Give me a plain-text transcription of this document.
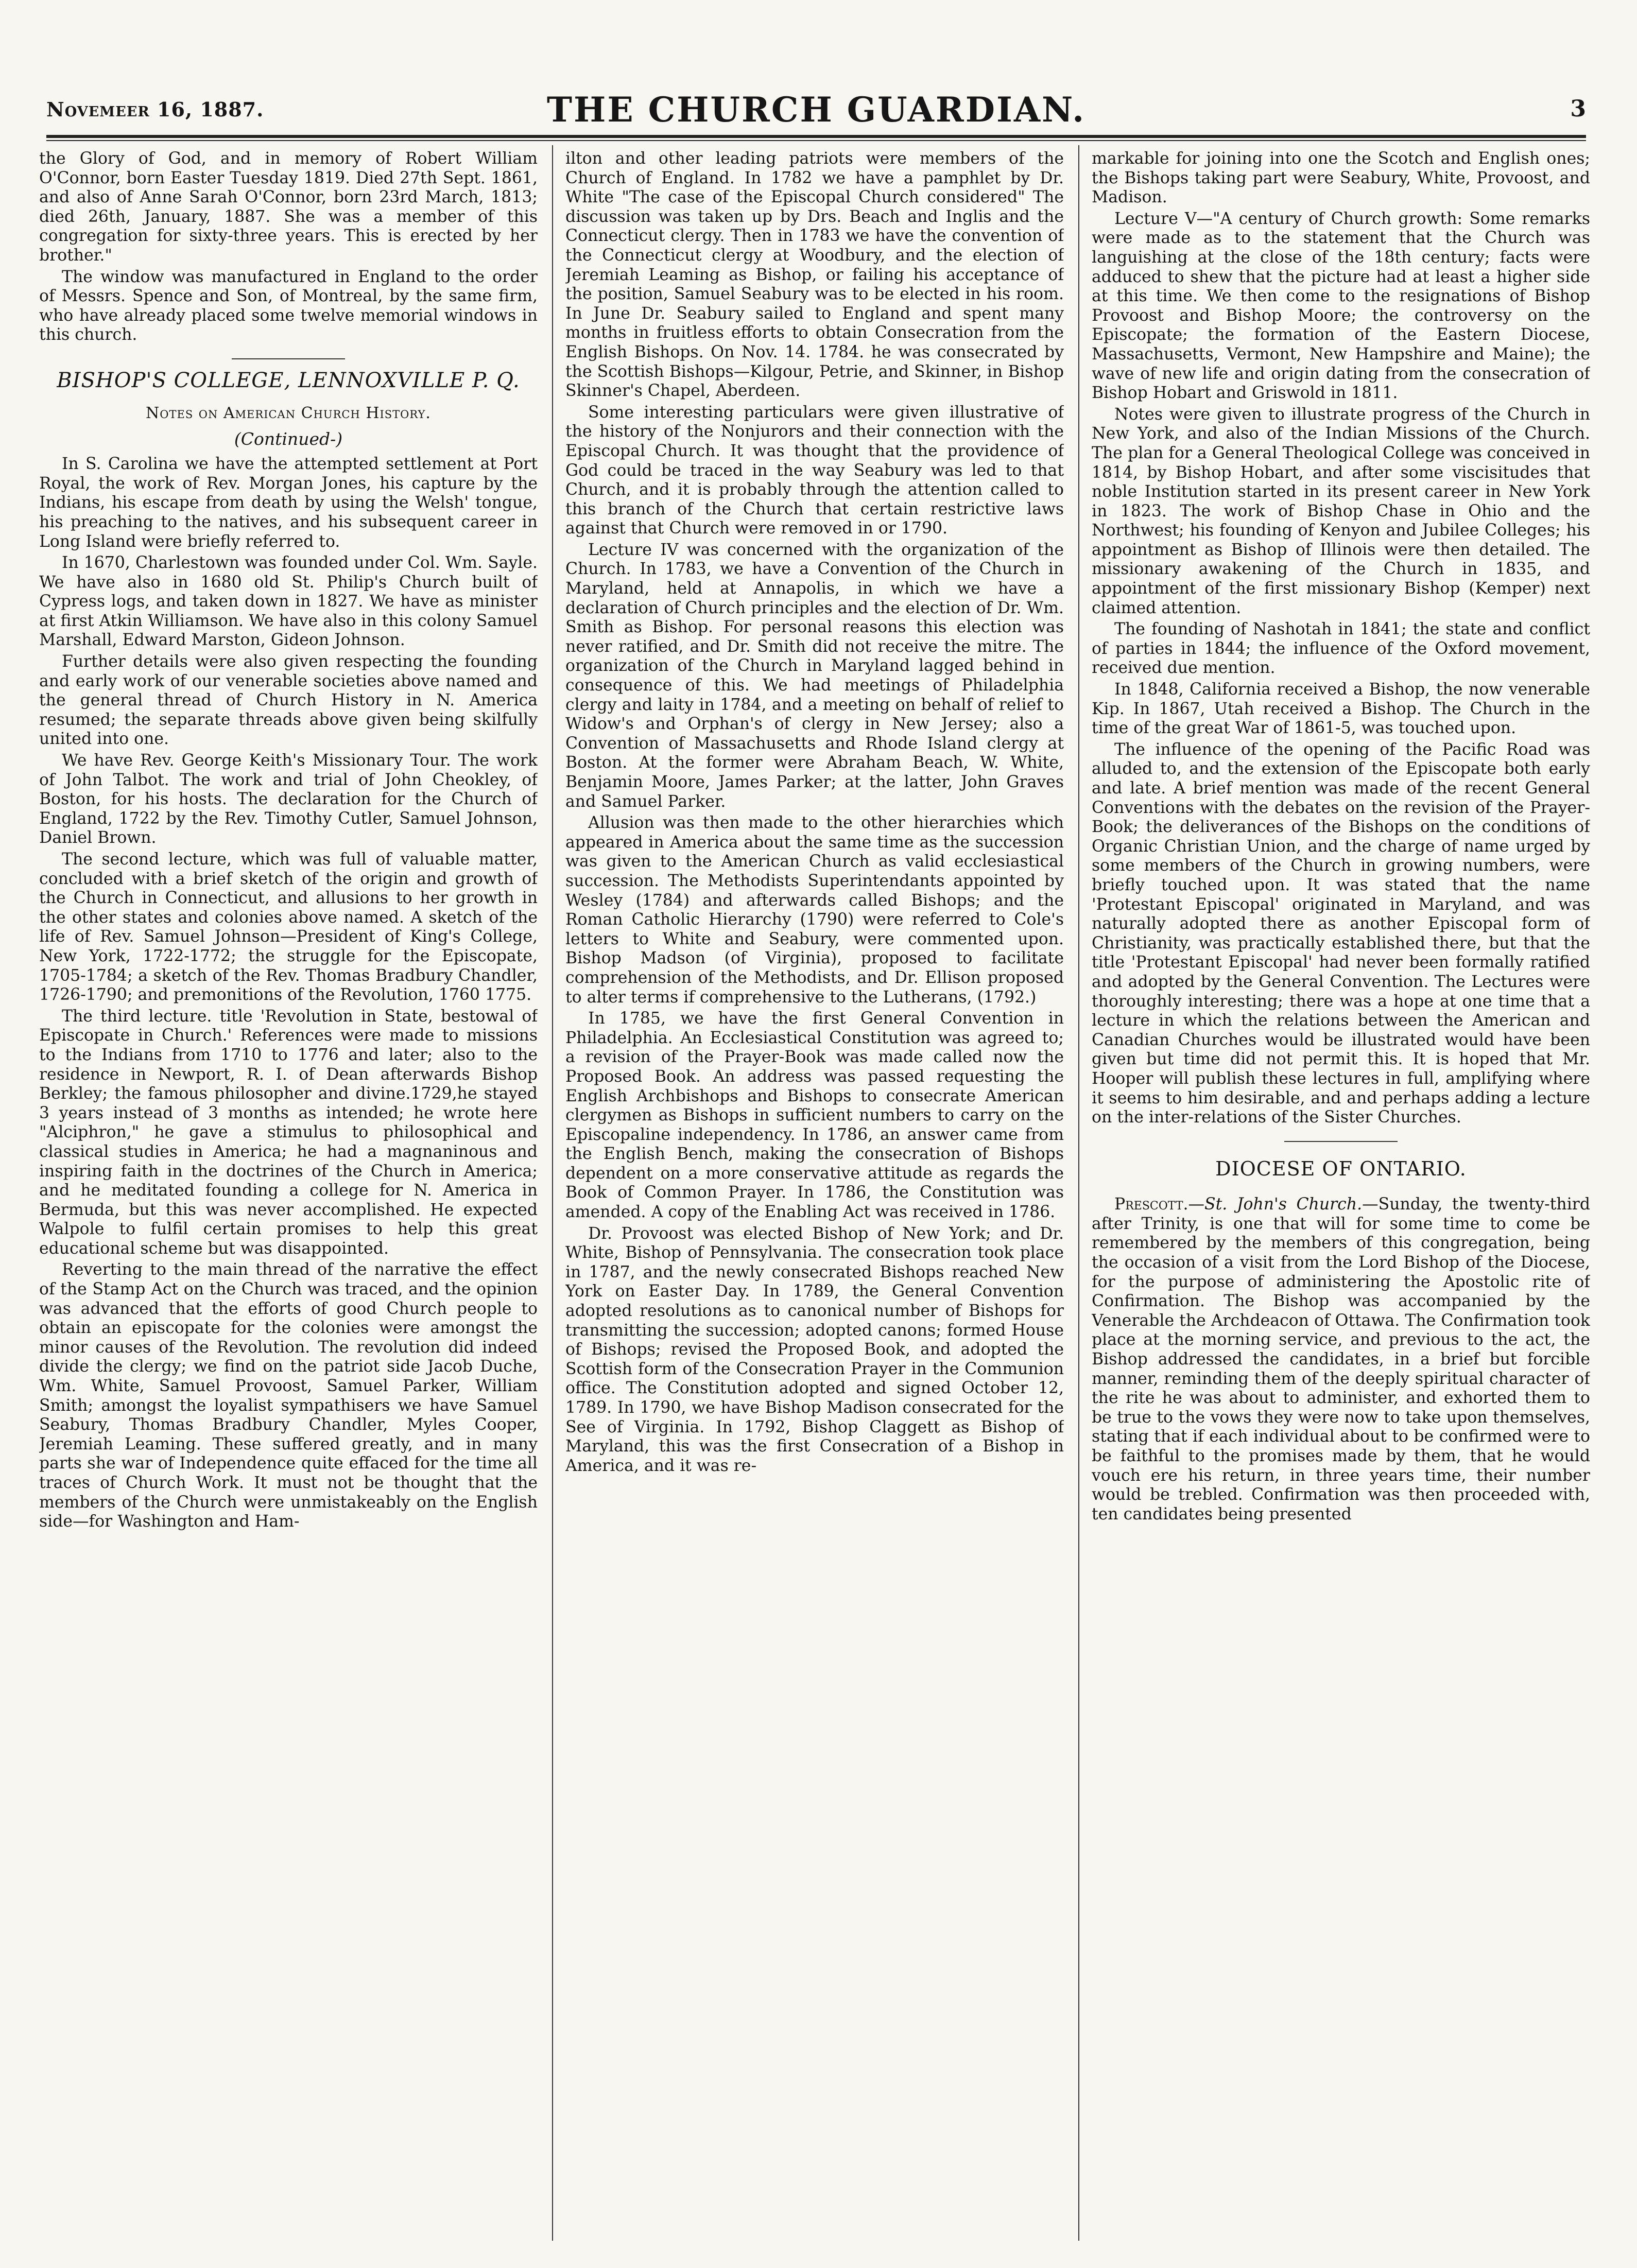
Novemeer 16, 1887.	THE CHURCH GUARDIAN.	3

the Glory of God, and in memory of Robert William O'Connor, born Easter Tuesday 1819. Died 27th Sept. 1861, and also of Anne Sarah O'Connor, born 23rd March, 1813; died 26th, January, 1887. She was a member of this congregation for sixty-three years. This is erected by her brother."

The window was manufactured in England to the order of Messrs. Spence and Son, of Montreal, by the same firm, who have already placed some twelve memorial windows in this church.

BISHOP'S COLLEGE, LENNOXVILLE P. Q.
Notes on American Church History.
(Continued-)

In S. Carolina we have the attempted settlement at Port Royal, the work of Rev. Morgan Jones, his capture by the Indians, his escape from death by using the Welsh' tongue, his preaching to the natives, and his subsequent career in Long Island were briefly referred to.

In 1670, Charlestown was founded under Col. Wm. Sayle. We have also in 1680 old St. Philip's Church built of Cypress logs, and taken down in 1827. We have as minister at first Atkin Williamson. We have also in this colony Samuel Marshall, Edward Marston, Gideon Johnson.

Further details were also given respecting the founding and early work of our venerable societies above named and the general thread of Church History in N. America resumed; the separate threads above given being skilfully united into one.

We have Rev. George Keith's Missionary Tour. The work of John Talbot. The work and trial of John Cheokley, of Boston, for his hosts. The declaration for the Church of England, 1722 by the Rev. Timothy Cutler, Samuel Johnson, Daniel Brown.

The second lecture, which was full of valuable matter, concluded with a brief sketch of the origin and growth of the Church in Connecticut, and allusions to her growth in the other states and colonies above named. A sketch of the life of Rev. Samuel Johnson—President of King's College, New York, 1722-1772; the struggle for the Episcopate, 1705-1784; a sketch of the Rev. Thomas Bradbury Chandler, 1726-1790; and premonitions of the Revolution, 1760 1775.

The third lecture. title 'Revolution in State, bestowal of Episcopate in Church.' References were made to missions to the Indians from 1710 to 1776 and later; also to the residence in Newport, R. I. of Dean afterwards Bishop Berkley; the famous philosopher and divine.1729,he stayed 3 years instead of 3 months as intended; he wrote here "Alciphron," he gave a stimulus to philosophical and classical studies in America; he had a magnaninous and inspiring faith in the doctrines of the Church in America; and he meditated founding a college for N. America in Bermuda, but this was never accomplished. He expected Walpole to fulfil certain promises to help this great educational scheme but was disappointed.

Reverting to the main thread of the narrative the effect of the Stamp Act on the Church was traced, and the opinion was advanced that the efforts of good Church people to obtain an episcopate for the colonies were amongst the minor causes of the Revolution. The revolution did indeed divide the clergy; we find on the patriot side Jacob Duche, Wm. White, Samuel Provoost, Samuel Parker, William Smith; amongst the loyalist sympathisers we have Samuel Seabury, Thomas Bradbury Chandler, Myles Cooper, Jeremiah Leaming. These suffered greatly, and in many parts she war of Independence quite effaced for the time all traces of Church Work. It must not be thought that the members of the Church were unmistakeably on the English side—for Washington and Ham-

ilton and other leading patriots were members of the Church of England. In 1782 we have a pamphlet by Dr. White "The case of the Episcopal Church considered" The discussion was taken up by Drs. Beach and Inglis and the Connecticut clergy. Then in 1783 we have the convention of the Connecticut clergy at Woodbury, and the election of Jeremiah Leaming as Bishop, or failing his acceptance of the position, Samuel Seabury was to be elected in his room. In June Dr. Seabury sailed to England and spent many months in fruitless efforts to obtain Consecration from the English Bishops. On Nov. 14. 1784. he was consecrated by the Scottish Bishops—Kilgour, Petrie, and Skinner, in Bishop Skinner's Chapel, Aberdeen.

Some interesting particulars were given illustrative of the history of the Nonjurors and their connection with the Episcopal Church. It was thought that the providence of God could be traced in the way Seabury was led to that Church, and it is probably through the attention called to this branch of the Church that certain restrictive laws against that Church were removed in or 1790.

Lecture IV was concerned with the organization of the Church. In 1783, we have a Convention of the Church in Maryland, held at Annapolis, in which we have a declaration of Church principles and the election of Dr. Wm. Smith as Bishop. For personal reasons this election was never ratified, and Dr. Smith did not receive the mitre. The organization of the Church in Maryland lagged behind in consequence of this. We had meetings of Philadelphia clergy and laity in 1784, and a meeting on behalf of relief to Widow's and Orphan's of clergy in New Jersey; also a Convention of Massachusetts and Rhode Island clergy at Boston. At the former were Abraham Beach, W. White, Benjamin Moore, James Parker; at the latter, John Graves and Samuel Parker.

Allusion was then made to the other hierarchies which appeared in America about the same time as the succession was given to the American Church as valid ecclesiastical succession. The Methodists Superintendants appointed by Wesley (1784) and afterwards called Bishops; and the Roman Catholic Hierarchy (1790) were referred to Cole's letters to White and Seabury, were commented upon. Bishop Madson (of Virginia), proposed to facilitate comprehension of the Methodists, and Dr. Ellison proposed to alter terms if comprehensive to the Lutherans, (1792.)

In 1785, we have the first General Convention in Philadelphia. An Ecclesiastical Constitution was agreed to; a revision of the Prayer-Book was made called now the Proposed Book. An address was passed requesting the English Archbishops and Bishops to consecrate American clergymen as Bishops in sufficient numbers to carry on the Episcopaline independency. In 1786, an answer came from the English Bench, making the consecration of Bishops dependent on a more conservative attitude as regards the Book of Common Prayer. In 1786, the Constitution was amended. A copy of the Enabling Act was received in 1786.

Dr. Provoost was elected Bishop of New York; and Dr. White, Bishop of Pennsylvania. The consecration took place in 1787, and the newly consecrated Bishops reached New York on Easter Day. In 1789, the General Convention adopted resolutions as to canonical number of Bishops for transmitting the succession; adopted canons; formed House of Bishops; revised the Proposed Book, and adopted the Scottish form of the Consecration Prayer in the Communion office. The Constitution adopted and signed October 12, 1789. In 1790, we have Bishop Madison consecrated for the See of Virginia. In 1792, Bishop Claggett as Bishop of Maryland, this was the first Consecration of a Bishop in America, and it was re-

markable for joining into one the Scotch and English ones; the Bishops taking part were Seabury, White, Provoost, and Madison.

Lecture V—"A century of Church growth: Some remarks were made as to the statement that the Church was languishing at the close of the 18th century; facts were adduced to shew that the picture had at least a higher side at this time. We then come to the resignations of Bishop Provoost and Bishop Moore; the controversy on the Episcopate; the formation of the Eastern Diocese, Massachusetts, Vermont, New Hampshire and Maine); the wave of new life and origin dating from the consecration of Bishop Hobart and Griswold in 1811.

Notes were given to illustrate progress of the Church in New York, and also of the Indian Missions of the Church. The plan for a General Theological College was conceived in 1814, by Bishop Hobart, and after some viscisitudes that noble Institution started in its present career in New York in 1823. The work of Bishop Chase in Ohio and the Northwest; his founding of Kenyon and Jubilee Colleges; his appointment as Bishop of Illinois were then detailed. The missionary awakening of the Church in 1835, and appointment of the first missionary Bishop (Kemper) next claimed attention.

The founding of Nashotah in 1841; the state and conflict of parties in 1844; the influence of the Oxford movement, received due mention.

In 1848, California received a Bishop, the now venerable Kip. In 1867, Utah received a Bishop. The Church in the time of the great War of 1861-5, was touched upon.

The influence of the opening of the Pacific Road was alluded to, and the extension of the Episcopate both early and late. A brief mention was made of the recent General Conventions with the debates on the revision of the Prayer-Book; the deliverances of the Bishops on the conditions of Organic Christian Union, and the charge of name urged by some members of the Church in growing numbers, were briefly touched upon. It was stated that the name 'Protestant Episcopal' originated in Maryland, and was naturally adopted there as another Episcopal form of Christianity, was practically established there, but that the title 'Protestant Episcopal' had never been formally ratified and adopted by the General Convention. The Lectures were thoroughly interesting; there was a hope at one time that a lecture in which the relations between the American and Canadian Churches would be illustrated would have been given but time did not permit this. It is hoped that Mr. Hooper will publish these lectures in full, amplifying where it seems to him desirable, and and perhaps adding a lecture on the inter-relations of the Sister Churches.

DIOCESE OF ONTARIO.

Prescott.—St. John's Church.—Sunday, the twenty-third after Trinity, is one that will for some time to come be remembered by the members of this congregation, being the occasion of a visit from the Lord Bishop of the Diocese, for the purpose of administering the Apostolic rite of Confirmation. The Bishop was accompanied by the Venerable the Archdeacon of Ottawa. The Confirmation took place at the morning service, and previous to the act, the Bishop addressed the candidates, in a brief but forcible manner, reminding them of the deeply spiritual character of the rite he was about to administer, and exhorted them to be true to the vows they were now to take upon themselves, stating that if each individual about to be confirmed were to be faithful to the promises made by them, that he would vouch ere his return, in three years time, their number would be trebled. Confirmation was then proceeded with, ten candidates being presented
